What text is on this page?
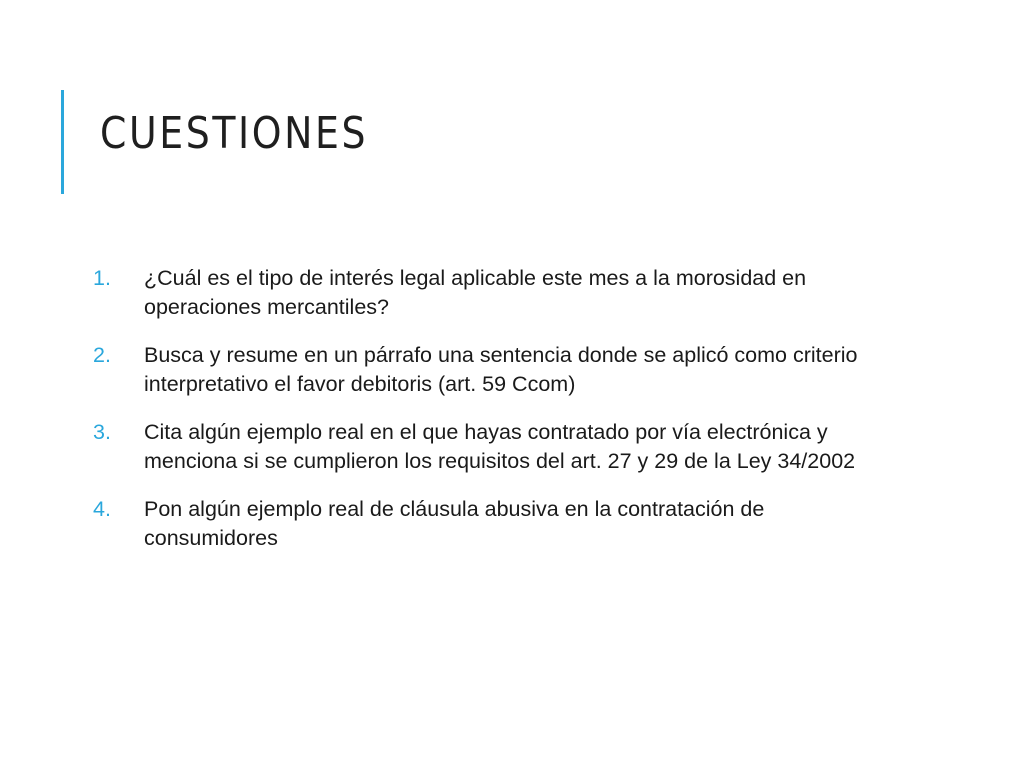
CUESTIONES
1.	¿Cuál es el tipo de interés legal aplicable este mes a la morosidad en operaciones mercantiles?
2.	Busca y resume en un párrafo una sentencia donde se aplicó como criterio interpretativo el favor debitoris (art. 59 Ccom)
3.	Cita algún ejemplo real en el que hayas contratado por vía electrónica y menciona si se cumplieron los requisitos del art. 27 y 29 de la Ley 34/2002
4.	Pon algún ejemplo real de cláusula abusiva en la contratación de consumidores
